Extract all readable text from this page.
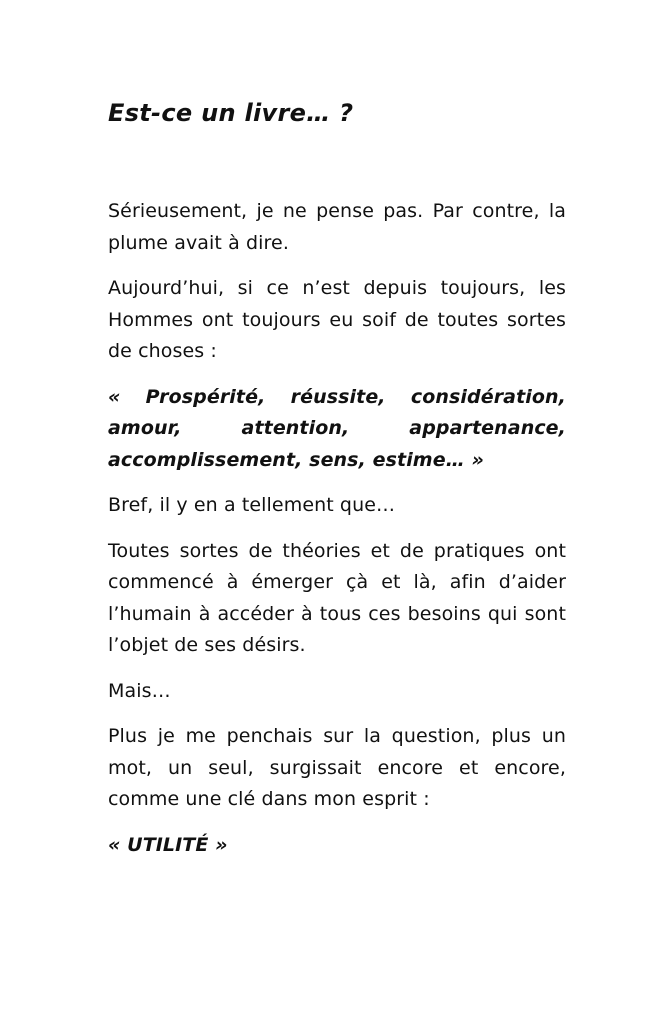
Est-ce un livre… ?

Sérieusement, je ne pense pas. Par contre, la plume avait à dire.

Aujourd’hui, si ce n’est depuis toujours, les Hommes ont toujours eu soif de toutes sortes de choses :

« Prospérité, réussite, considération, amour, attention, appartenance, accomplissement, sens, estime… »

Bref, il y en a tellement que…

Toutes sortes de théories et de pratiques ont commencé à émerger çà et là, afin d’aider l’humain à accéder à tous ces besoins qui sont l’objet de ses désirs.

Mais…

Plus je me penchais sur la question, plus un mot, un seul, surgissait encore et encore, comme une clé dans mon esprit :

« UTILITÉ »
